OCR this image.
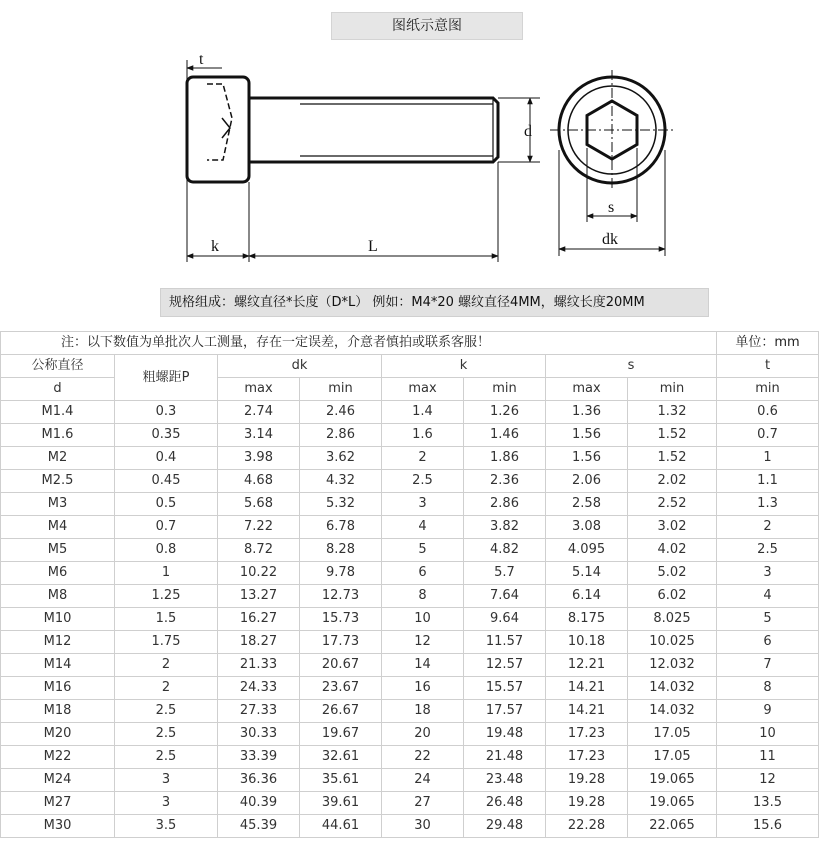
图纸示意图
t
k	L
d
s
dk
规格组成：螺纹直径*长度（D*L） 例如：M4*20 螺纹直径4MM，螺纹长度20MM
注：以下数值为单批次人工测量，存在一定误差，介意者慎拍或联系客服！								单位：mm
公称直径	粗螺距P	dk		k		s		t
d		max	min	max	min	max	min	min
M1.4	0.3	2.74	2.46	1.4	1.26	1.36	1.32	0.6
M1.6	0.35	3.14	2.86	1.6	1.46	1.56	1.52	0.7
M2	0.4	3.98	3.62	2	1.86	1.56	1.52	1
M2.5	0.45	4.68	4.32	2.5	2.36	2.06	2.02	1.1
M3	0.5	5.68	5.32	3	2.86	2.58	2.52	1.3
M4	0.7	7.22	6.78	4	3.82	3.08	3.02	2
M5	0.8	8.72	8.28	5	4.82	4.095	4.02	2.5
M6	1	10.22	9.78	6	5.7	5.14	5.02	3
M8	1.25	13.27	12.73	8	7.64	6.14	6.02	4
M10	1.5	16.27	15.73	10	9.64	8.175	8.025	5
M12	1.75	18.27	17.73	12	11.57	10.18	10.025	6
M14	2	21.33	20.67	14	12.57	12.21	12.032	7
M16	2	24.33	23.67	16	15.57	14.21	14.032	8
M18	2.5	27.33	26.67	18	17.57	14.21	14.032	9
M20	2.5	30.33	19.67	20	19.48	17.23	17.05	10
M22	2.5	33.39	32.61	22	21.48	17.23	17.05	11
M24	3	36.36	35.61	24	23.48	19.28	19.065	12
M27	3	40.39	39.61	27	26.48	19.28	19.065	13.5
M30	3.5	45.39	44.61	30	29.48	22.28	22.065	15.6
